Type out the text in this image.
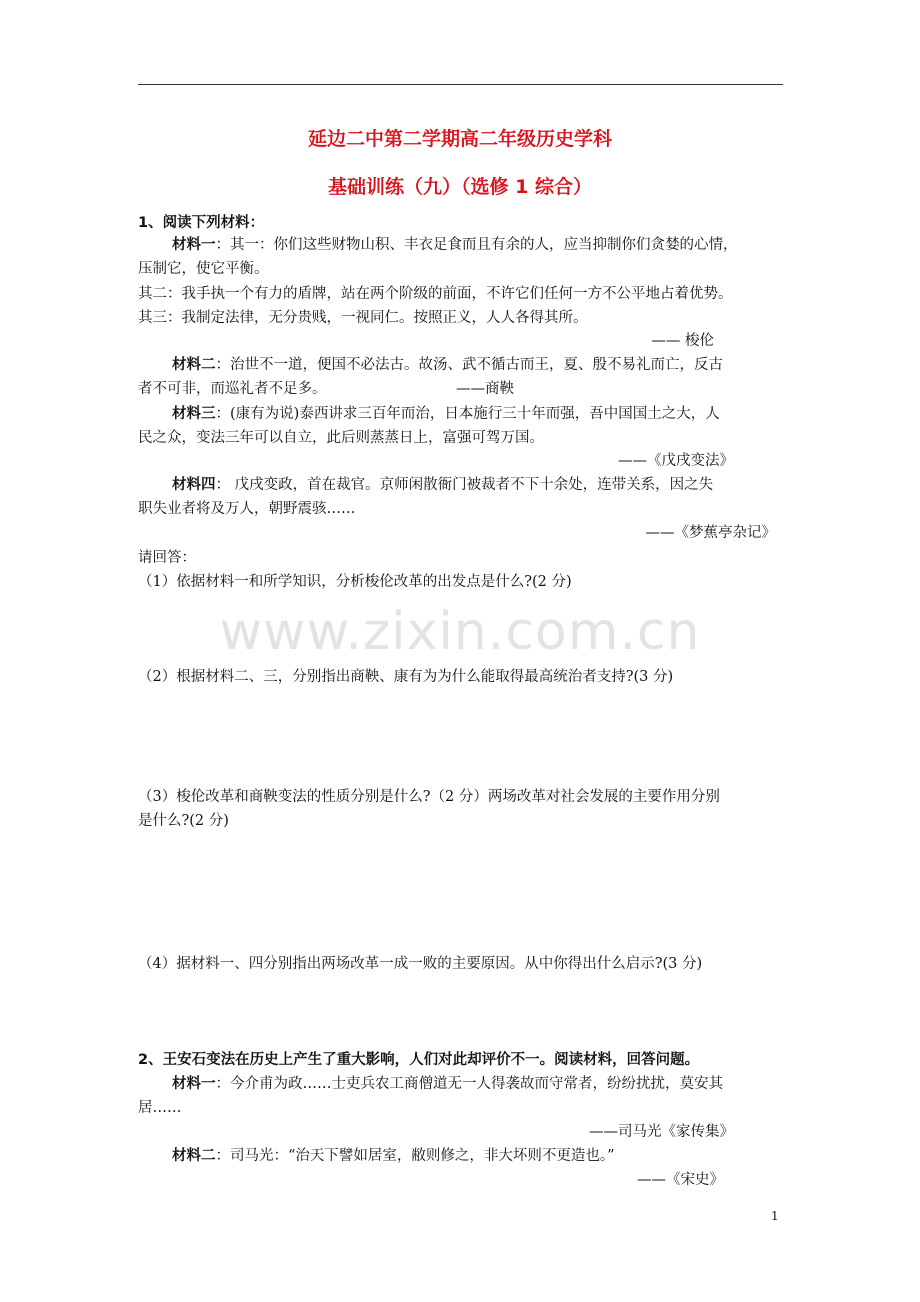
延边二中第二学期高二年级历史学科
基础训练（九）（选修 1 综合）
www.zixin.com.cn
1、阅读下列材料：
材料一：其一：你们这些财物山积、丰衣足食而且有余的人，应当抑制你们贪婪的心情，
压制它，使它平衡。
其二：我手执一个有力的盾牌，站在两个阶级的前面，不许它们任何一方不公平地占着优势。
其三：我制定法律，无分贵贱，一视同仁。按照正义，人人各得其所。
—— 梭伦
材料二：治世不一道，便国不必法古。故汤、武不循古而王，夏、殷不易礼而亡，反古
者不可非，而巡礼者不足多。	——商鞅
材料三：(康有为说)泰西讲求三百年而治，日本施行三十年而强，吾中国国土之大，人
民之众，变法三年可以自立，此后则蒸蒸日上，富强可驾万国。
——《戊戌变法》
材料四： 戊戌变政，首在裁官。京师闲散衙门被裁者不下十余处，连带关系，因之失
职失业者将及万人，朝野震骇……
——《梦蕉亭杂记》
请回答：
（1）依据材料一和所学知识，分析梭伦改革的出发点是什么?(2 分)
（2）根据材料二、三，分别指出商鞅、康有为为什么能取得最高统治者支持?(3 分)
（3）梭伦改革和商鞅变法的性质分别是什么?（2 分）两场改革对社会发展的主要作用分别
是什么?(2 分)
（4）据材料一、四分别指出两场改革一成一败的主要原因。从中你得出什么启示?(3 分)
2、王安石变法在历史上产生了重大影响，人们对此却评价不一。阅读材料，回答问题。
材料一：今介甫为政……士吏兵农工商僧道无一人得袭故而守常者，纷纷扰扰，莫安其
居……
——司马光《家传集》
材料二：司马光：“治天下譬如居室，敝则修之，非大坏则不更造也。”
——《宋史》
1
